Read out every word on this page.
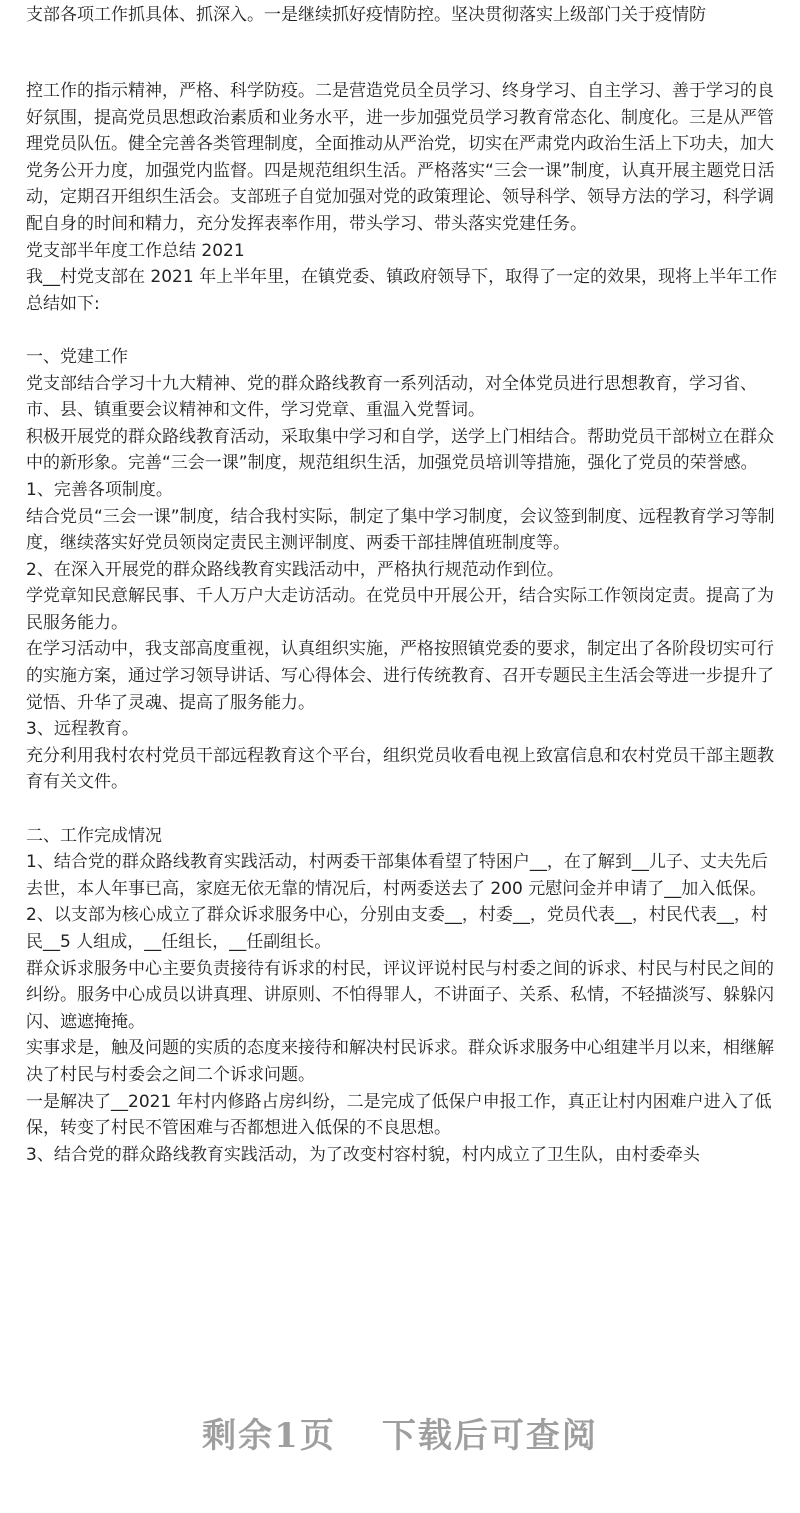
支部各项工作抓具体、抓深入。一是继续抓好疫情防控。坚决贯彻落实上级部门关于疫情防

控工作的指示精神，严格、科学防疫。二是营造党员全员学习、终身学习、自主学习、善于学习的良好氛围，提高党员思想政治素质和业务水平，进一步加强党员学习教育常态化、制度化。三是从严管理党员队伍。健全完善各类管理制度，全面推动从严治党，切实在严肃党内政治生活上下功夫，加大党务公开力度，加强党内监督。四是规范组织生活。严格落实“三会一课”制度，认真开展主题党日活动，定期召开组织生活会。支部班子自觉加强对党的政策理论、领导科学、领导方法的学习，科学调配自身的时间和精力，充分发挥表率作用，带头学习、带头落实党建任务。

党支部半年度工作总结 2021

我__村党支部在 2021 年上半年里，在镇党委、镇政府领导下，取得了一定的效果，现将上半年工作总结如下:

一、党建工作

党支部结合学习十九大精神、党的群众路线教育一系列活动，对全体党员进行思想教育，学习省、市、县、镇重要会议精神和文件，学习党章、重温入党誓词。

积极开展党的群众路线教育活动，采取集中学习和自学，送学上门相结合。帮助党员干部树立在群众中的新形象。完善“三会一课”制度，规范组织生活，加强党员培训等措施，强化了党员的荣誉感。

1、完善各项制度。

结合党员“三会一课”制度，结合我村实际，制定了集中学习制度，会议签到制度、远程教育学习等制度，继续落实好党员领岗定责民主测评制度、两委干部挂牌值班制度等。

2、在深入开展党的群众路线教育实践活动中，严格执行规范动作到位。

学党章知民意解民事、千人万户大走访活动。在党员中开展公开，结合实际工作领岗定责。提高了为民服务能力。

在学习活动中，我支部高度重视，认真组织实施，严格按照镇党委的要求，制定出了各阶段切实可行的实施方案，通过学习领导讲话、写心得体会、进行传统教育、召开专题民主生活会等进一步提升了觉悟、升华了灵魂、提高了服务能力。

3、远程教育。

充分利用我村农村党员干部远程教育这个平台，组织党员收看电视上致富信息和农村党员干部主题教育有关文件。

二、工作完成情况

1、结合党的群众路线教育实践活动，村两委干部集体看望了特困户__，在了解到__儿子、丈夫先后去世，本人年事已高，家庭无依无靠的情况后，村两委送去了 200 元慰问金并申请了__加入低保。

2、以支部为核心成立了群众诉求服务中心，分别由支委__，村委__，党员代表__，村民代表__，村民__5 人组成，__任组长，__任副组长。

群众诉求服务中心主要负责接待有诉求的村民，评议评说村民与村委之间的诉求、村民与村民之间的纠纷。服务中心成员以讲真理、讲原则、不怕得罪人，不讲面子、关系、私情，不轻描淡写、躲躲闪闪、遮遮掩掩。

实事求是，触及问题的实质的态度来接待和解决村民诉求。群众诉求服务中心组建半月以来，相继解决了村民与村委会之间二个诉求问题。

一是解决了__2021 年村内修路占房纠纷，二是完成了低保户申报工作，真正让村内困难户进入了低保，转变了村民不管困难与否都想进入低保的不良思想。

3、结合党的群众路线教育实践活动，为了改变村容村貌，村内成立了卫生队，由村委牵头

剩余1页 下载后可查阅
